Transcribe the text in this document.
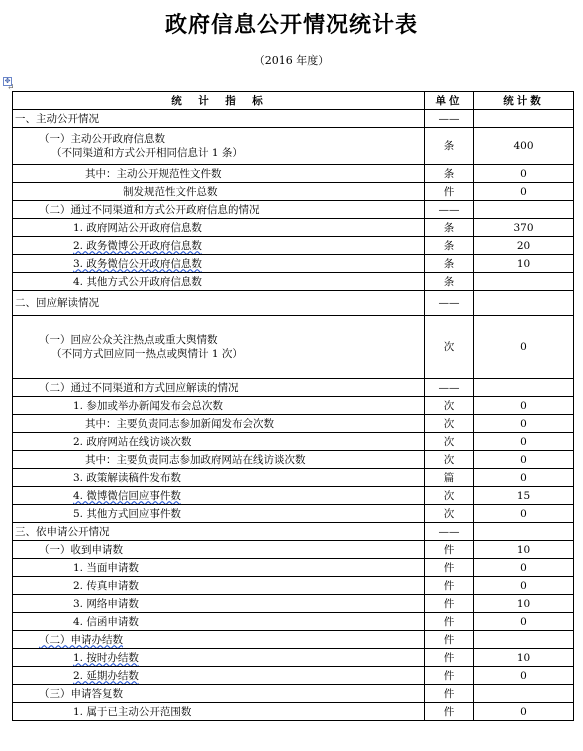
政府信息公开情况统计表
（2016 年度）
✥
↵
统　计　指　标	单位	统计数
一、主动公开情况	——	

（一）主动公开政府信息数
（不同渠道和方式公开相同信息计 1 条）	条	400
其中：主动公开规范性文件数	条	0
制发规范性文件总数	件	0
（二）通过不同渠道和方式公开政府信息的情况	——	
1. 政府网站公开政府信息数	条	370
2. 政务微博公开政府信息数	条	20
3. 政务微信公开政府信息数	条	10
4. 其他方式公开政府信息数	条	
二、回应解读情况	——	

（一）回应公众关注热点或重大舆情数
（不同方式回应同一热点或舆情计 1 次）	次	0
（二）通过不同渠道和方式回应解读的情况	——	
1. 参加或举办新闻发布会总次数	次	0
其中：主要负责同志参加新闻发布会次数	次	0
2. 政府网站在线访谈次数	次	0
其中：主要负责同志参加政府网站在线访谈次数	次	0
3. 政策解读稿件发布数	篇	0
4. 微博微信回应事件数	次	15
5. 其他方式回应事件数	次	0
三、依申请公开情况	——	
（一）收到申请数	件	10
1. 当面申请数	件	0
2. 传真申请数	件	0
3. 网络申请数	件	10
4. 信函申请数	件	0
（二）申请办结数	件	
1. 按时办结数	件	10
2. 延期办结数	件	0
（三）申请答复数	件	
1. 属于已主动公开范围数	件	0
